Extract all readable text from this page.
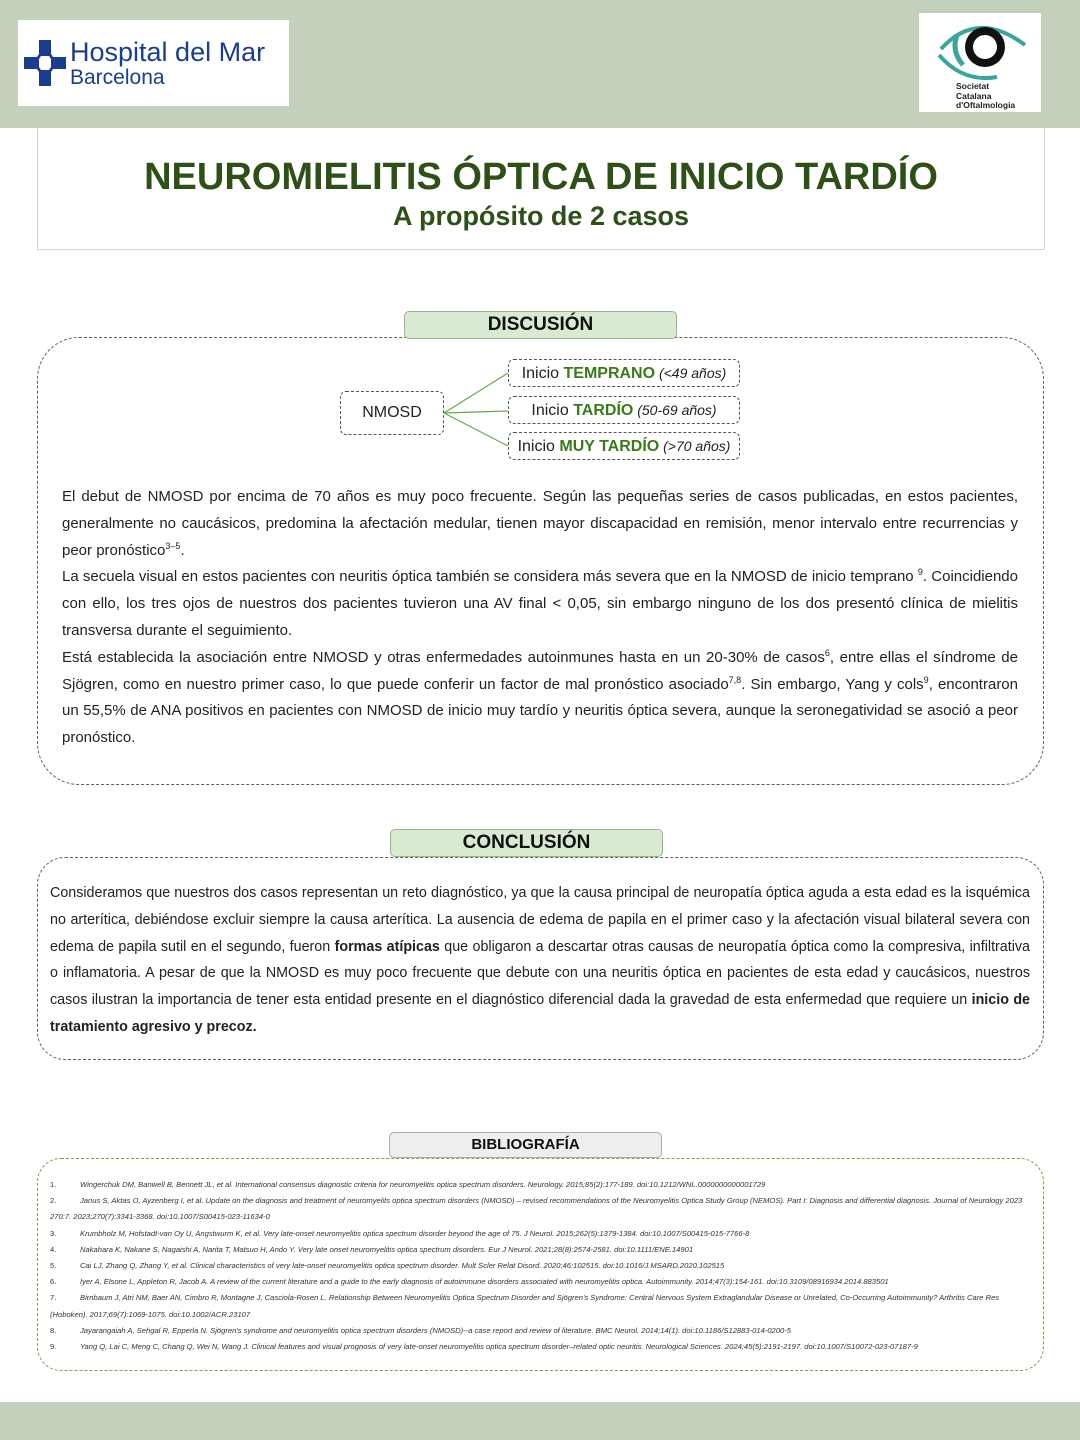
Hospital del Mar
Barcelona	Societat
Catalana
d'Oftalmologia
NEUROMIELITIS ÓPTICA DE INICIO TARDÍO
A propósito de 2 casos
DISCUSIÓN
NMOSD
Inicio TEMPRANO (<49 años)
Inicio TARDÍO (50-69 años)
Inicio MUY TARDÍO (>70 años)

El debut de NMOSD por encima de 70 años es muy poco frecuente. Según las pequeñas series de casos publicadas, en estos pacientes, generalmente no caucásicos, predomina la afectación medular, tienen mayor discapacidad en remisión, menor intervalo entre recurrencias y peor pronóstico$^{3-5}$.

La secuela visual en estos pacientes con neuritis óptica también se considera más severa que en la NMOSD de inicio temprano $^9$. Coincidiendo con ello, los tres ojos de nuestros dos pacientes tuvieron una AV final < 0,05, sin embargo ninguno de los dos presentó clínica de mielitis transversa durante el seguimiento.

Está establecida la asociación entre NMOSD y otras enfermedades autoinmunes hasta en un 20-30% de casos$^6$, entre ellas el síndrome de Sjögren, como en nuestro primer caso, lo que puede conferir un factor de mal pronóstico asociado$^{7,8}$. Sin embargo, Yang y cols$^9$, encontraron un 55,5% de ANA positivos en pacientes con NMOSD de inicio muy tardío y neuritis óptica severa, aunque la seronegatividad se asoció a peor pronóstico.

CONCLUSIÓN

Consideramos que nuestros dos casos representan un reto diagnóstico, ya que la causa principal de neuropatía óptica aguda a esta edad es la isquémica no arterítica, debiéndose excluir siempre la causa arterítica. La ausencia de edema de papila en el primer caso y la afectación visual bilateral severa con edema de papila sutil en el segundo, fueron formas atípicas que obligaron a descartar otras causas de neuropatía óptica como la compresiva, infiltrativa o inflamatoria. A pesar de que la NMOSD es muy poco frecuente que debute con una neuritis óptica en pacientes de esta edad y caucásicos, nuestros casos ilustran la importancia de tener esta entidad presente en el diagnóstico diferencial dada la gravedad de esta enfermedad que requiere un inicio de tratamiento agresivo y precoz.

BIBLIOGRAFÍA
1.	Wingerchuk DM, Banwell B, Bennett JL, et al. International consensus diagnostic criteria for neuromyelitis optica spectrum disorders. Neurology. 2015;85(2):177-189. doi:10.1212/WNL.0000000000001729
2.	Jarius S, Aktas O, Ayzenberg I, et al. Update on the diagnosis and treatment of neuromyelits optica spectrum disorders (NMOSD) – revised recommendations of the Neuromyelitis Optica Study Group (NEMOS). Part I: Diagnosis and differential diagnosis. Journal of Neurology 2023 270:7. 2023;270(7):3341-3368. doi:10.1007/S00415-023-11634-0
3.	Krumbholz M, Hofstadt-van Oy U, Angstwurm K, et al. Very late-onset neuromyelitis optica spectrum disorder beyond the age of 75. J Neurol. 2015;262(5):1379-1384. doi:10.1007/S00415-015-7766-8
4.	Nakahara K, Nakane S, Nagaishi A, Narita T, Matsuo H, Ando Y. Very late onset neuromyelitis optica spectrum disorders. Eur J Neurol. 2021;28(8):2574-2581. doi:10.1111/ENE.14901
5.	Cai LJ, Zhang Q, Zhang Y, et al. Clinical characteristics of very late-onset neuromyelitis optica spectrum disorder. Mult Scler Relat Disord. 2020;46:102515. doi:10.1016/J.MSARD.2020.102515
6.	Iyer A, Elsone L, Appleton R, Jacob A. A review of the current literature and a guide to the early diagnosis of autoimmune disorders associated with neuromyelitis optica. Autoimmunity. 2014;47(3):154-161. doi:10.3109/08916934.2014.883501
7.	Birnbaum J, Atri NM, Baer AN, Cimbro R, Montagne J, Casciola-Rosen L. Relationship Between Neuromyelitis Optica Spectrum Disorder and Sjögren's Syndrome: Central Nervous System Extraglandular Disease or Unrelated, Co-Occurring Autoimmunity? Arthritis Care Res (Hoboken). 2017;69(7):1069-1075. doi:10.1002/ACR.23107
8.	Jayarangaiah A, Sehgal R, Epperla N. Sjögren's syndrome and neuromyelitis optica spectrum disorders (NMOSD)--a case report and review of literature. BMC Neurol. 2014;14(1). doi:10.1186/S12883-014-0200-5
9.	Yang Q, Lai C, Meng C, Chang Q, Wei N, Wang J. Clinical features and visual prognosis of very late-onset neuromyelitis optica spectrum disorder–related optic neuritis. Neurological Sciences. 2024;45(5):2191-2197. doi:10.1007/S10072-023-07187-9
